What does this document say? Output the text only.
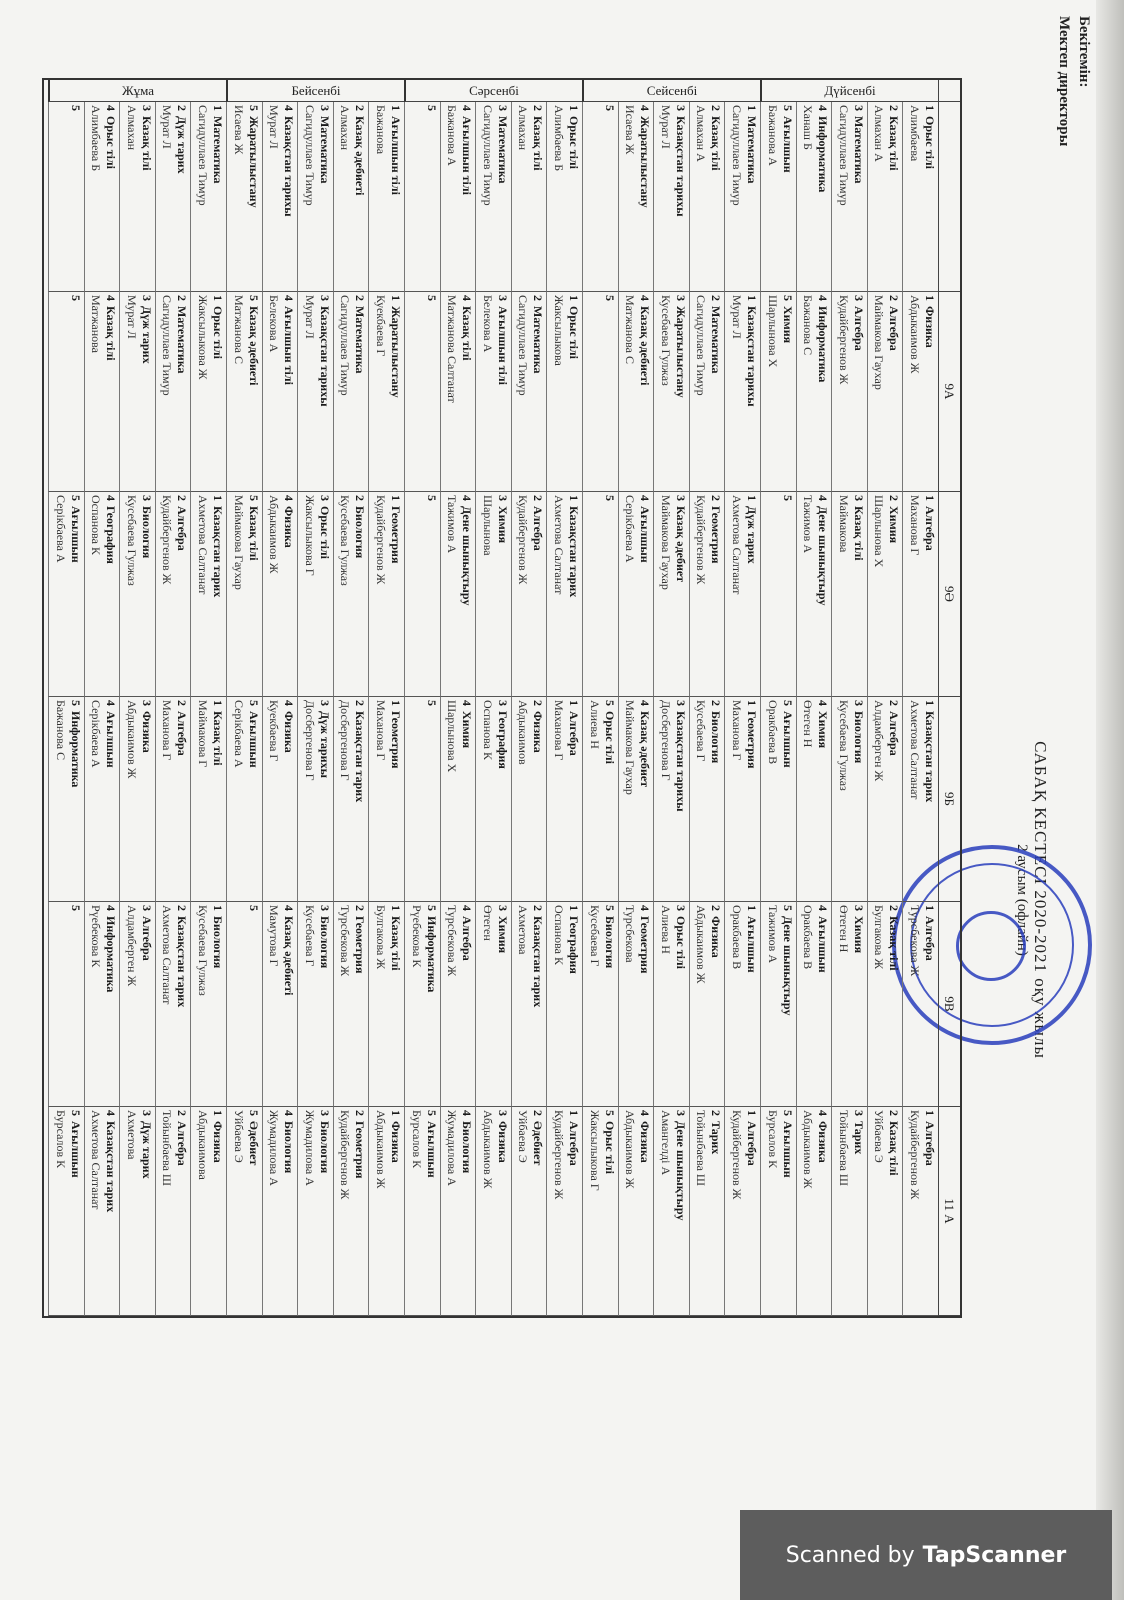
Бекітемін:
Мектеп директоры
САБАҚ КЕСТЕСІ 2020-2021 оқу жылы
2 аусым (офлайн)
9А
9Ә
9Б
9В
11 А
Дүйсенбі
1Орыс тілі
Алимбаева
1Физика
Абдыкаимов Ж
1Алгебра
Маханова Г
1Казақстан тарих
Ахметова Салтанат
1Алгебра
Турсбекова Ж
1Алгебра
Кудайбергенов Ж
2Казақ тілі
Алмахан А
2Алгебра
Маймакова Гаухар
2Химия
Шарлынова Х
2Алгебра
Алдамберген Ж
2Казақ тілі
Булгакова Ж
2Казақ тілі
Уйбаева Э
3Математика
Сагидуллаев Тимур
3Алгебра
Кудайбергенов Ж
3Казақ тілі
Маймакова
3Биология
Кусебаева Гулжаз
3Химия
Өтеген Н
3Тарих
Тойынбаева Ш
4Информатика
Ханаш Б
4Информатика
Бажанова С
4Дене шынықтыру
Тажимов А
4Химия
Өтеген Н
4Ағылшын
Оракбаева В
4Физика
Абдыкаимов Ж
5Ағылшын
Бажанова А
5Химия
Шарлынова Х
5
5Ағылшын
Оракбаева В
5Дене шынықтыру
Тажимов А
5Ағылшын
Бурсалов К
Сейсенбі
1Математика
Сагидуллаев Тимур
1Казақстан тарихы
Мурат Л
1Дүж тарих
Ахметова Салтанат
1Геометрия
Маханова Г
1Ағылшын
Оракбаева В
1Алгебра
Кудайбергенов Ж
2Казақ тілі
Алмахан А
2Математика
Сагидуллаев Тимур
2Геометрия
Кудайбергенов Ж
2Биология
Кусебаева Г
2Физика
Абдыкаимов Ж
2Тарих
Тойынбаева Ш
3Казақстан тарихы
Мурат Л
3Жаратылыстану
Кусебаева Гулжаз
3Казақ әдебиет
Маймакова Гаухар
3Казақстан тарихы
Досбергенова Г
3Орыс тілі
Алиева Н
3Дене шынықтыру
Амангелді А
4Жаратылыстану
Исаева Ж
4Казақ әдебиеті
Матжанова С
4Ағылшын
Серікбаева А
4Казақ әдебиет
Маймакова Гаухар
4Геометрия
Турсбекова
4Физика
Абдыкаимов Ж
5
5
5
5Орыс тілі
Алиева Н
5Биология
Кусебаева Г
5Орыс тілі
Жаксылыкова Г
Сәрсенбі
1Орыс тілі
Алимбаева Б
1Орыс тілі
Жаксылыкова
1Казақстан тарих
Ахметова Салтанат
1Алгебра
Маханова Г
1География
Оспанова К
1Алгебра
Кудайбергенов Ж
2Казақ тілі
Алмахан
2Математика
Сагидуллаев Тимур
2Алгебра
Кудайбергенов Ж
2Физика
Абдыкаимов
2Казақстан тарих
Ахметова
2Әдебиет
Уйбаева Э
3Математика
Сагидуллаев Тимур
3Ағылшын тілі
Белекова А
3Химия
Шарлынова
3География
Оспанова К
3Химия
Өтеген
3Физика
Абдыкаимов Ж
4Ағылшын тілі
Бажанова А
4Казақ тілі
Матжанова Салтанат
4Дене шынықтыру
Тажимов А
4Химия
Шарлынова Х
4Алгебра
Турсбекова Ж
4Биология
Жумадилова А
5
5
5
5
5Информатика
Рүебекова К
5Ағылшын
Бурсалов К
Бейсенбі
1Ағылшын тілі
Бажанова
1Жаратылыстану
Куекбаева Г
1Геометрия
Кудайбергенов Ж
1Геометрия
Маханова Г
1Казақ тілі
Булгакова Ж
1Физика
Абдыкаимов Ж
2Казақ әдебиеті
Алмахан
2Математика
Сагидуллаев Тимур
2Биология
Кусебаева Гулжаз
2Казақстан тарих
Досбергенова Г
2Геометрия
Турсбекова Ж
2Геометрия
Кудайбергенов Ж
3Математика
Сагидуллаев Тимур
3Казақстан тарихы
Мурат Л
3Орыс тілі
Жаксылыкова Г
3Дүж тарихы
Досбергенова Г
3Биология
Кусебаева Г
3Биология
Жумадилова А
4Казақстан тарихы
Мурат Л
4Ағылшын тілі
Белекова А
4Физика
Абдыкаимов Ж
4Физика
Куекбаева Г
4Казақ әдебиеті
Мамутова Г
4Биология
Жумадилова А
5Жаратылыстану
Исаева Ж
5Казақ әдебиеті
Матжанова С
5Казақ тілі
Маймакова Гаухар
5Ағылшын
Серікбаева А
5
5Әдебиет
Уйбаева Э
Жұма
1Математика
Сагидуллаев Тимур
1Орыс тілі
Жаксылыкова Ж
1Казақстан тарих
Ахметова Салтанат
1Казақ тілі
Маймакова Г
1Биология
Кусебаева Гулжаз
1Физика
Абдыкаимова
2Дүж тарих
Мурат Л
2Математика
Сагидуллаев Тимур
2Алгебра
Кудайбергенов Ж
2Алгебра
Маханова Г
2Казақстан тарих
Ахметова Салтанат
2Алгебра
Тойынбаева Ш
3Казақ тілі
Алмахан
3Дүж тарих
Мурат Л
3Биология
Кусебаева Гулжаз
3Физика
Абдыкаимов Ж
3Алгебра
Алдамберген Ж
3Дүж тарих
Ахметова
4Орыс тілі
Алимбаева Б
4Казақ тілі
Матжанова
4География
Оспанова К
4Ағылшын
Серікбаева А
4Информатика
Рүебекова К
4Казақстан тарих
Ахметова Салтанат
5
5
5Ағылшын
Серікбаева А
5Информатика
Бажанова С
5
5Ағылшын
Бурсалов К
Scanned by TapScanner
